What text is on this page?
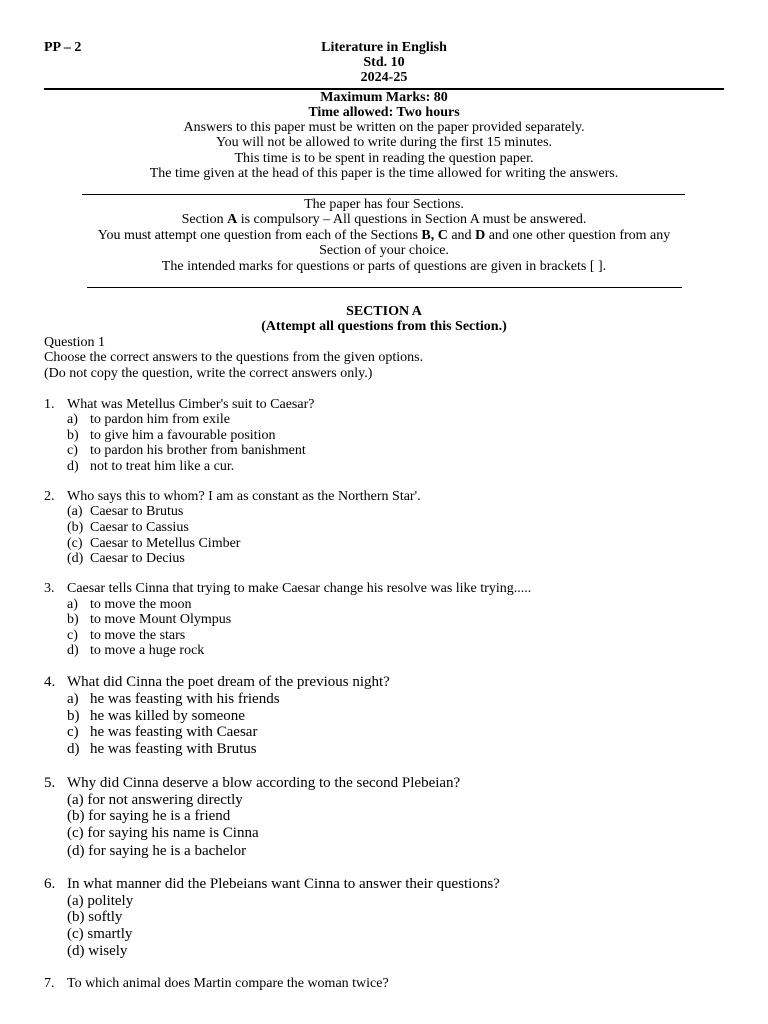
PP – 2	Literature in English
Std. 10
2024-25
Maximum Marks: 80
Time allowed: Two hours
Answers to this paper must be written on the paper provided separately.
You will not be allowed to write during the first 15 minutes.
This time is to be spent in reading the question paper.
The time given at the head of this paper is the time allowed for writing the answers.
The paper has four Sections.
Section A is compulsory – All questions in Section A must be answered.
You must attempt one question from each of the Sections B, C and D and one other question from any
Section of your choice.
The intended marks for questions or parts of questions are given in brackets [ ].
SECTION A
(Attempt all questions from this Section.)
Question 1
Choose the correct answers to the questions from the given options.
(Do not copy the question, write the correct answers only.)
1. What was Metellus Cimber's suit to Caesar?
a) to pardon him from exile
b) to give him a favourable position
c) to pardon his brother from banishment
d) not to treat him like a cur.
2. Who says this to whom? I am as constant as the Northern Star'.
(a) Caesar to Brutus
(b) Caesar to Cassius
(c) Caesar to Metellus Cimber
(d) Caesar to Decius
3. Caesar tells Cinna that trying to make Caesar change his resolve was like trying.....
a) to move the moon
b) to move Mount Olympus
c) to move the stars
d) to move a huge rock
4. What did Cinna the poet dream of the previous night?
a) he was feasting with his friends
b) he was killed by someone
c) he was feasting with Caesar
d) he was feasting with Brutus
5. Why did Cinna deserve a blow according to the second Plebeian?
(a) for not answering directly
(b) for saying he is a friend
(c) for saying his name is Cinna
(d) for saying he is a bachelor
6. In what manner did the Plebeians want Cinna to answer their questions?
(a) politely
(b) softly
(c) smartly
(d) wisely
7. To which animal does Martin compare the woman twice?
